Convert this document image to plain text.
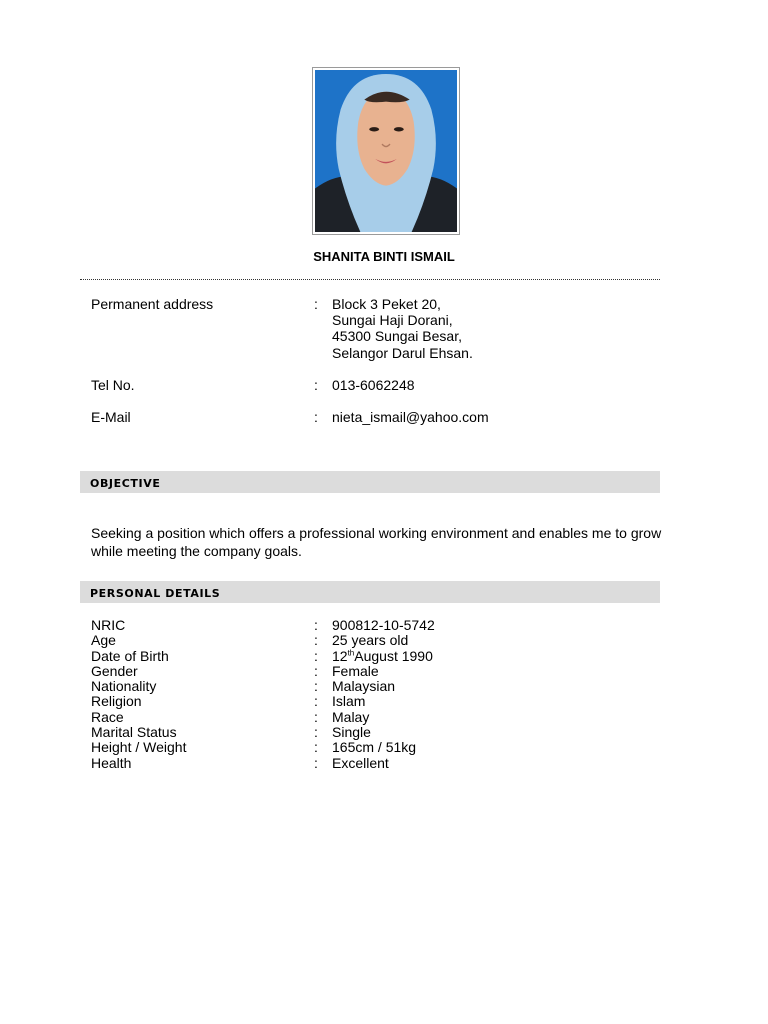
SHANITA BINTI ISMAIL
Permanent address	: Block 3 Peket 20,
Sungai Haji Dorani,
45300 Sungai Besar,
Selangor Darul Ehsan.
Tel No.	: 013-6062248
E-Mail	: nieta_ismail@yahoo.com
OBJECTIVE
Seeking a position which offers a professional working environment and enables me to grow while meeting the company goals.
PERSONAL DETAILS
NRIC	: 900812-10-5742
Age	: 25 years old
Date of Birth	: 12thAugust 1990
Gender	: Female
Nationality	: Malaysian
Religion	: Islam
Race	: Malay
Marital Status	: Single
Height / Weight	: 165cm / 51kg
Health	: Excellent
